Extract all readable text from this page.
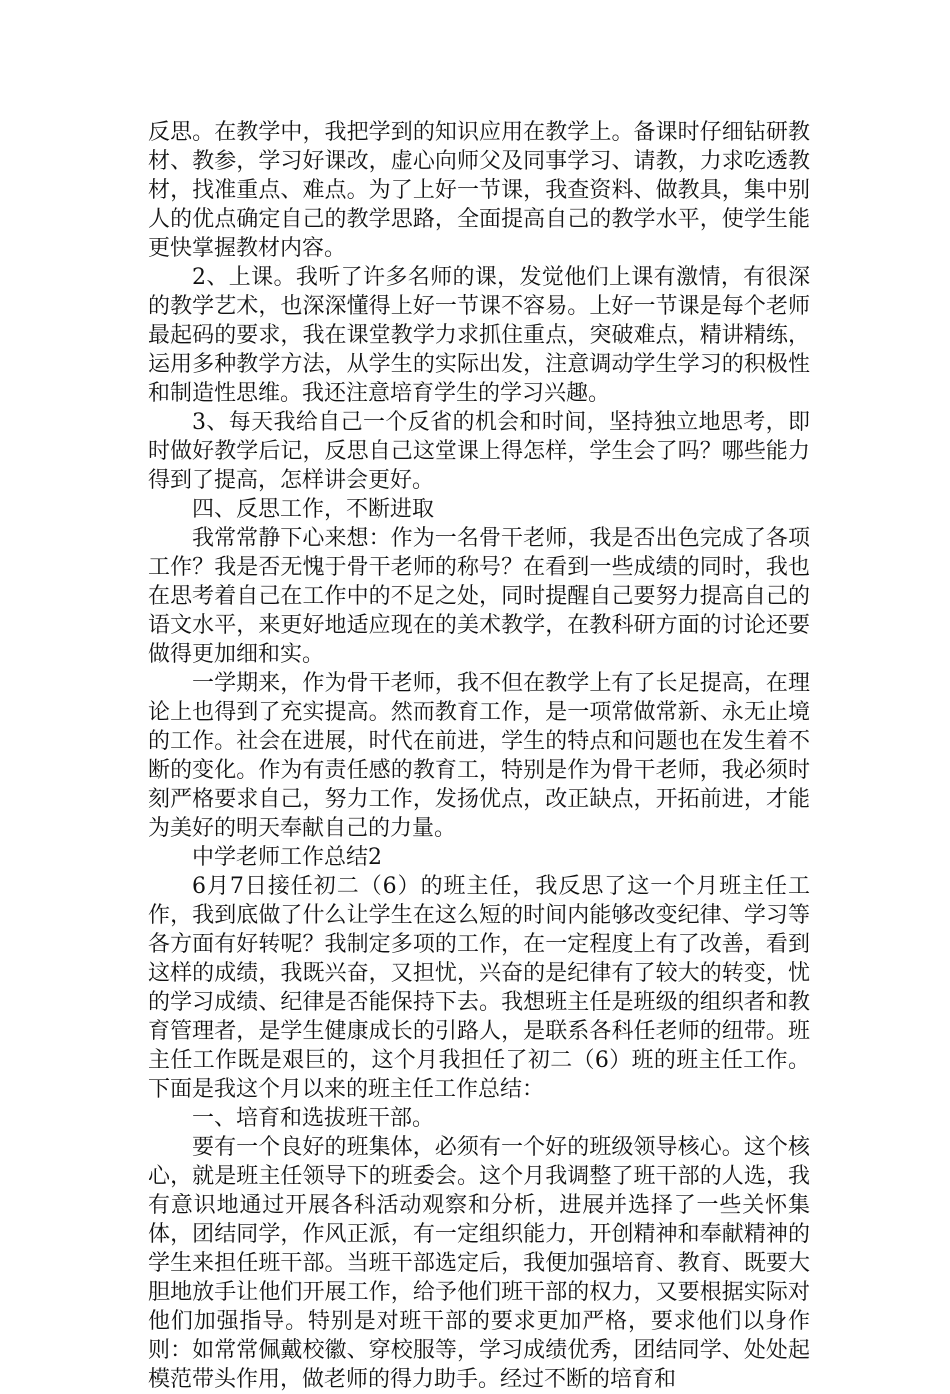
反思。在教学中，我把学到的知识应用在教学上。备课时仔细钻研教材、教参，学习好课改，虚心向师父及同事学习、请教，力求吃透教材，找准重点、难点。为了上好一节课，我查资料、做教具，集中别人的优点确定自己的教学思路，全面提高自己的教学水平，使学生能更快掌握教材内容。

2、上课。我听了许多名师的课，发觉他们上课有激情，有很深的教学艺术，也深深懂得上好一节课不容易。上好一节课是每个老师最起码的要求，我在课堂教学力求抓住重点，突破难点，精讲精练，运用多种教学方法，从学生的实际出发，注意调动学生学习的积极性和制造性思维。我还注意培育学生的学习兴趣。

3、每天我给自己一个反省的机会和时间，坚持独立地思考，即时做好教学后记，反思自己这堂课上得怎样，学生会了吗？哪些能力得到了提高，怎样讲会更好。

四、反思工作，不断进取

我常常静下心来想：作为一名骨干老师，我是否出色完成了各项工作？我是否无愧于骨干老师的称号？在看到一些成绩的同时，我也在思考着自己在工作中的不足之处，同时提醒自己要努力提高自己的语文水平，来更好地适应现在的美术教学，在教科研方面的讨论还要做得更加细和实。

一学期来，作为骨干老师，我不但在教学上有了长足提高，在理论上也得到了充实提高。然而教育工作，是一项常做常新、永无止境的工作。社会在进展，时代在前进，学生的特点和问题也在发生着不断的变化。作为有责任感的教育工，特别是作为骨干老师，我必须时刻严格要求自己，努力工作，发扬优点，改正缺点，开拓前进，才能为美好的明天奉献自己的力量。

中学老师工作总结2

6月7日接任初二（6）的班主任，我反思了这一个月班主任工作，我到底做了什么让学生在这么短的时间内能够改变纪律、学习等各方面有好转呢？我制定多项的工作，在一定程度上有了改善，看到这样的成绩，我既兴奋，又担忧，兴奋的是纪律有了较大的转变，忧的学习成绩、纪律是否能保持下去。我想班主任是班级的组织者和教育管理者，是学生健康成长的引路人，是联系各科任老师的纽带。班主任工作既是艰巨的，这个月我担任了初二（6）班的班主任工作。下面是我这个月以来的班主任工作总结：

一、培育和选拔班干部。

要有一个良好的班集体，必须有一个好的班级领导核心。这个核心，就是班主任领导下的班委会。这个月我调整了班干部的人选，我有意识地通过开展各科活动观察和分析，进展并选择了一些关怀集体，团结同学，作风正派，有一定组织能力，开创精神和奉献精神的学生来担任班干部。当班干部选定后，我便加强培育、教育、既要大胆地放手让他们开展工作，给予他们班干部的权力，又要根据实际对他们加强指导。特别是对班干部的要求更加严格，要求他们以身作则：如常常佩戴校徽、穿校服等，学习成绩优秀，团结同学、处处起模范带头作用，做老师的得力助手。经过不断的培育和
